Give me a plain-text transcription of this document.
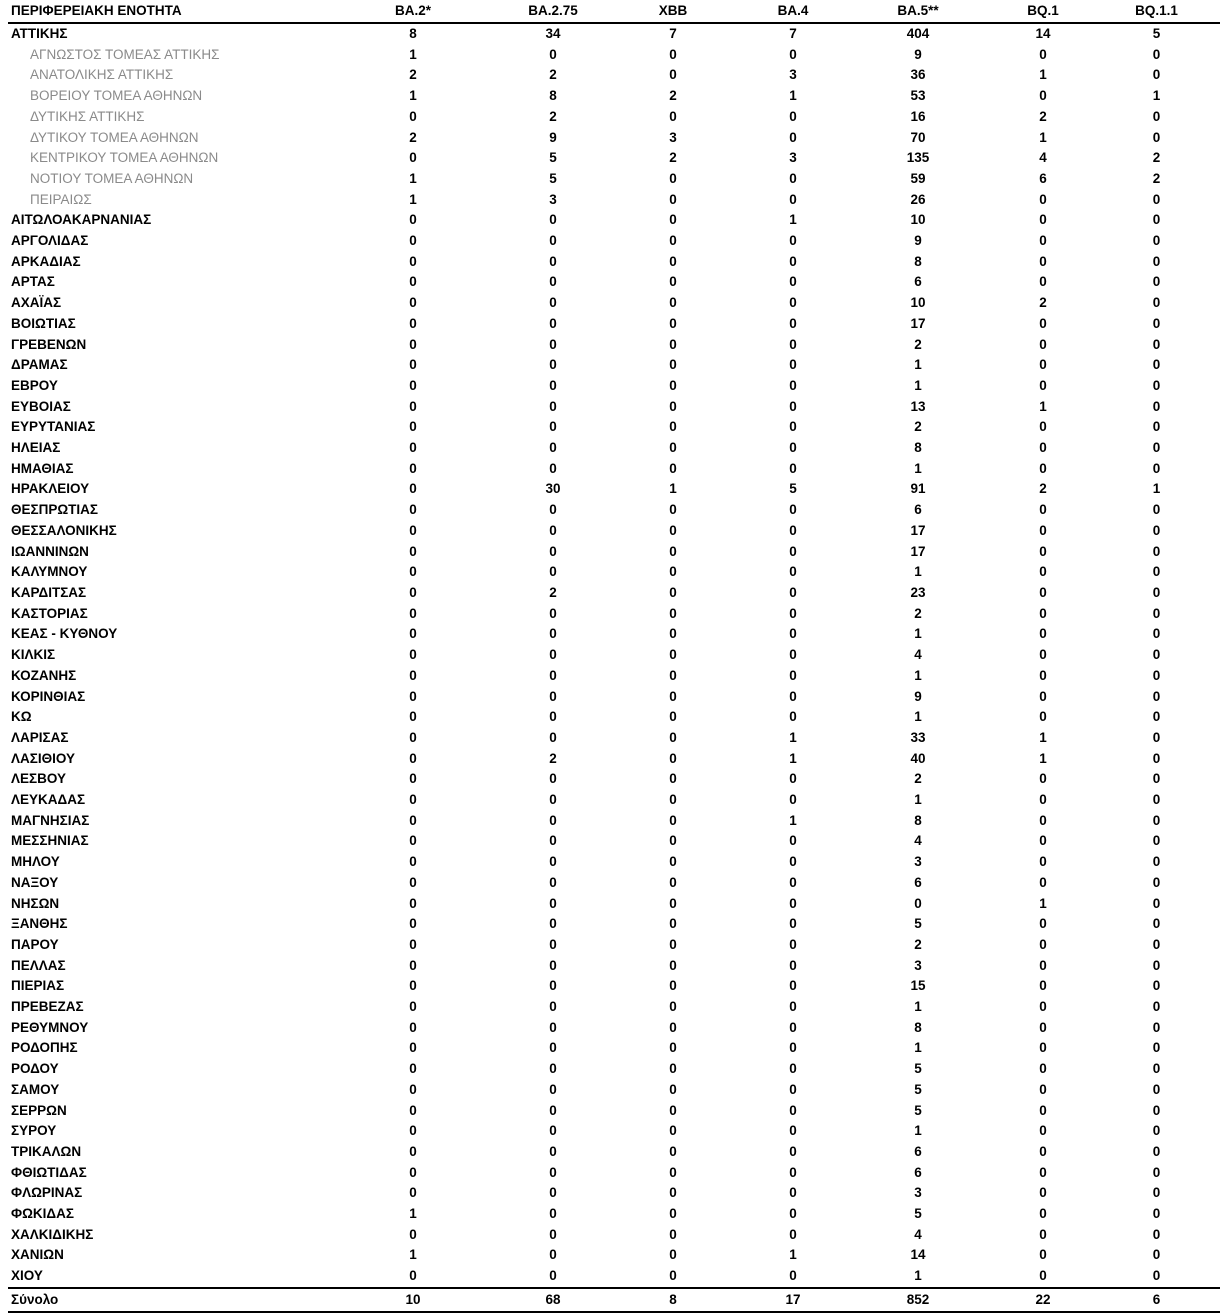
ΠΕΡΙΦΕΡΕΙΑΚΗ ΕΝΟΤΗΤΑ	BA.2*	BA.2.75	XBB	BA.4	BA.5**	BQ.1	BQ.1.1
ΑΤΤΙΚΗΣ	8	34	7	7	404	14	5
ΑΓΝΩΣΤΟΣ ΤΟΜΕΑΣ ΑΤΤΙΚΗΣ	1	0	0	0	9	0	0
ΑΝΑΤΟΛΙΚΗΣ ΑΤΤΙΚΗΣ	2	2	0	3	36	1	0
ΒΟΡΕΙΟΥ ΤΟΜΕΑ ΑΘΗΝΩΝ	1	8	2	1	53	0	1
ΔΥΤΙΚΗΣ ΑΤΤΙΚΗΣ	0	2	0	0	16	2	0
ΔΥΤΙΚΟΥ ΤΟΜΕΑ ΑΘΗΝΩΝ	2	9	3	0	70	1	0
ΚΕΝΤΡΙΚΟΥ ΤΟΜΕΑ ΑΘΗΝΩΝ	0	5	2	3	135	4	2
ΝΟΤΙΟΥ ΤΟΜΕΑ ΑΘΗΝΩΝ	1	5	0	0	59	6	2
ΠΕΙΡΑΙΩΣ	1	3	0	0	26	0	0
ΑΙΤΩΛΟΑΚΑΡΝΑΝΙΑΣ	0	0	0	1	10	0	0
ΑΡΓΟΛΙΔΑΣ	0	0	0	0	9	0	0
ΑΡΚΑΔΙΑΣ	0	0	0	0	8	0	0
ΑΡΤΑΣ	0	0	0	0	6	0	0
ΑΧΑΪΑΣ	0	0	0	0	10	2	0
ΒΟΙΩΤΙΑΣ	0	0	0	0	17	0	0
ΓΡΕΒΕΝΩΝ	0	0	0	0	2	0	0
ΔΡΑΜΑΣ	0	0	0	0	1	0	0
ΕΒΡΟΥ	0	0	0	0	1	0	0
ΕΥΒΟΙΑΣ	0	0	0	0	13	1	0
ΕΥΡΥΤΑΝΙΑΣ	0	0	0	0	2	0	0
ΗΛΕΙΑΣ	0	0	0	0	8	0	0
ΗΜΑΘΙΑΣ	0	0	0	0	1	0	0
ΗΡΑΚΛΕΙΟΥ	0	30	1	5	91	2	1
ΘΕΣΠΡΩΤΙΑΣ	0	0	0	0	6	0	0
ΘΕΣΣΑΛΟΝΙΚΗΣ	0	0	0	0	17	0	0
ΙΩΑΝΝΙΝΩΝ	0	0	0	0	17	0	0
ΚΑΛΥΜΝΟΥ	0	0	0	0	1	0	0
ΚΑΡΔΙΤΣΑΣ	0	2	0	0	23	0	0
ΚΑΣΤΟΡΙΑΣ	0	0	0	0	2	0	0
ΚΕΑΣ - ΚΥΘΝΟΥ	0	0	0	0	1	0	0
ΚΙΛΚΙΣ	0	0	0	0	4	0	0
ΚΟΖΑΝΗΣ	0	0	0	0	1	0	0
ΚΟΡΙΝΘΙΑΣ	0	0	0	0	9	0	0
ΚΩ	0	0	0	0	1	0	0
ΛΑΡΙΣΑΣ	0	0	0	1	33	1	0
ΛΑΣΙΘΙΟΥ	0	2	0	1	40	1	0
ΛΕΣΒΟΥ	0	0	0	0	2	0	0
ΛΕΥΚΑΔΑΣ	0	0	0	0	1	0	0
ΜΑΓΝΗΣΙΑΣ	0	0	0	1	8	0	0
ΜΕΣΣΗΝΙΑΣ	0	0	0	0	4	0	0
ΜΗΛΟΥ	0	0	0	0	3	0	0
ΝΑΞΟΥ	0	0	0	0	6	0	0
ΝΗΣΩΝ	0	0	0	0	0	1	0
ΞΑΝΘΗΣ	0	0	0	0	5	0	0
ΠΑΡΟΥ	0	0	0	0	2	0	0
ΠΕΛΛΑΣ	0	0	0	0	3	0	0
ΠΙΕΡΙΑΣ	0	0	0	0	15	0	0
ΠΡΕΒΕΖΑΣ	0	0	0	0	1	0	0
ΡΕΘΥΜΝΟΥ	0	0	0	0	8	0	0
ΡΟΔΟΠΗΣ	0	0	0	0	1	0	0
ΡΟΔΟΥ	0	0	0	0	5	0	0
ΣΑΜΟΥ	0	0	0	0	5	0	0
ΣΕΡΡΩΝ	0	0	0	0	5	0	0
ΣΥΡΟΥ	0	0	0	0	1	0	0
ΤΡΙΚΑΛΩΝ	0	0	0	0	6	0	0
ΦΘΙΩΤΙΔΑΣ	0	0	0	0	6	0	0
ΦΛΩΡΙΝΑΣ	0	0	0	0	3	0	0
ΦΩΚΙΔΑΣ	1	0	0	0	5	0	0
ΧΑΛΚΙΔΙΚΗΣ	0	0	0	0	4	0	0
ΧΑΝΙΩΝ	1	0	0	1	14	0	0
ΧΙΟΥ	0	0	0	0	1	0	0
Σύνολο	10	68	8	17	852	22	6
